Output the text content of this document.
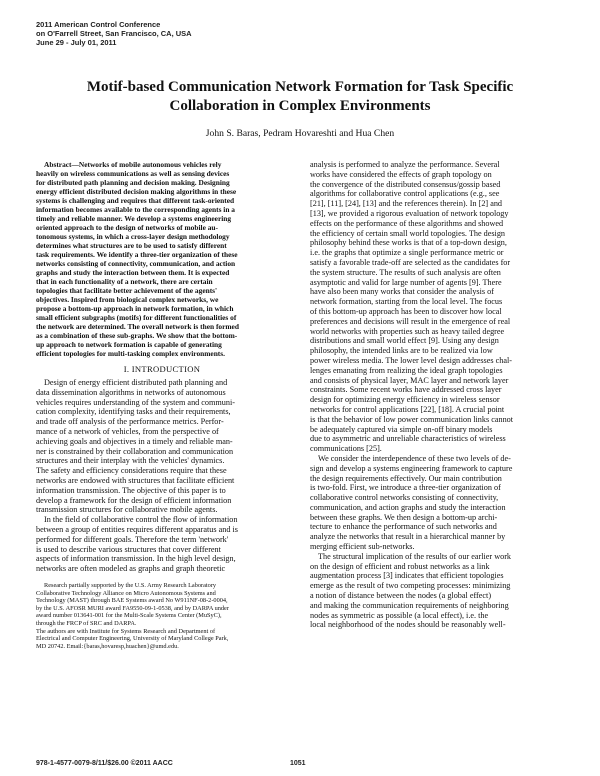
2011 American Control Conference
on O'Farrell Street, San Francisco, CA, USA
June 29 - July 01, 2011
Motif-based Communication Network Formation for Task Specific
Collaboration in Complex Environments
John S. Baras, Pedram Hovareshti and Hua Chen
Abstract—Networks of mobile autonomous vehicles rely
heavily on wireless communications as well as sensing devices
for distributed path planning and decision making. Designing
energy efficient distributed decision making algorithms in these
systems is challenging and requires that different task-oriented
information becomes available to the corresponding agents in a
timely and reliable manner. We develop a systems engineering
oriented approach to the design of networks of mobile au-
tonomous systems, in which a cross-layer design methodology
determines what structures are to be used to satisfy different
task requirements. We identify a three-tier organization of these
networks consisting of connectivity, communication, and action
graphs and study the interaction between them. It is expected
that in each functionality of a network, there are certain
topologies that facilitate better achievement of the agents'
objectives. Inspired from biological complex networks, we
propose a bottom-up approach in network formation, in which
small efficient subgraphs (motifs) for different functionalities of
the network are determined. The overall network is then formed
as a combination of these sub-graphs. We show that the bottom-
up approach to network formation is capable of generating
efficient topologies for multi-tasking complex environments.
I. INTRODUCTION
Design of energy efficient distributed path planning and
data dissemination algorithms in networks of autonomous
vehicles requires understanding of the system and communi-
cation complexity, identifying tasks and their requirements,
and trade off analysis of the performance metrics. Perfor-
mance of a network of vehicles, from the perspective of
achieving goals and objectives in a timely and reliable man-
ner is constrained by their collaboration and communication
structures and their interplay with the vehicles' dynamics.
The safety and efficiency considerations require that these
networks are endowed with structures that facilitate efficient
information transmission. The objective of this paper is to
develop a framework for the design of efficient information
transmission structures for collaborative mobile agents.
In the field of collaborative control the flow of information
between a group of entities requires different apparatus and is
performed for different goals. Therefore the term 'network'
is used to describe various structures that cover different
aspects of information transmission. In the high level design,
networks are often modeled as graphs and graph theoretic
Research partially supported by the U.S. Army Research Laboratory
Collaborative Technology Alliance on Micro Autonomous Systems and
Technology (MAST) through BAE Systems award No W911NF-08-2-0004,
by the U.S. AFOSR MURI award FA9550-09-1-0538, and by DARPA under
award number 013641-001 for the Multi-Scale Systems Center (MuSyC),
through the FRCP of SRC and DARPA.
The authors are with Institute for Systems Research and Department of
Electrical and Computer Engineering, University of Maryland College Park,
MD 20742. Email:{baras,hovaresp,huachen}@umd.edu.
analysis is performed to analyze the performance. Several
works have considered the effects of graph topology on
the convergence of the distributed consensus/gossip based
algorithms for collaborative control applications (e.g., see
[21], [11], [24], [13] and the references therein). In [2] and
[13], we provided a rigorous evaluation of network topology
effects on the performance of these algorithms and showed
the efficiency of certain small world topologies. The design
philosophy behind these works is that of a top-down design,
i.e. the graphs that optimize a single performance metric or
satisfy a favorable trade-off are selected as the candidates for
the system structure. The results of such analysis are often
asymptotic and valid for large number of agents [9]. There
have also been many works that consider the analysis of
network formation, starting from the local level. The focus
of this bottom-up approach has been to discover how local
preferences and decisions will result in the emergence of real
world networks with properties such as heavy tailed degree
distributions and small world effect [9]. Using any design
philosophy, the intended links are to be realized via low
power wireless media. The lower level design addresses chal-
lenges emanating from realizing the ideal graph topologies
and consists of physical layer, MAC layer and network layer
constraints. Some recent works have addressed cross layer
design for optimizing energy efficiency in wireless sensor
networks for control applications [22], [18]. A crucial point
is that the behavior of low power communication links cannot
be adequately captured via simple on-off binary models
due to asymmetric and unreliable characteristics of wireless
communications [25].
We consider the interdependence of these two levels of de-
sign and develop a systems engineering framework to capture
the design requirements effectively. Our main contribution
is two-fold. First, we introduce a three-tier organization of
collaborative control networks consisting of connectivity,
communication, and action graphs and study the interaction
between these graphs. We then design a bottom-up archi-
tecture to enhance the performance of such networks and
analyze the networks that result in a hierarchical manner by
merging efficient sub-networks.
The structural implication of the results of our earlier work
on the design of efficient and robust networks as a link
augmentation process [3] indicates that efficient topologies
emerge as the result of two competing processes: minimizing
a notion of distance between the nodes (a global effect)
and making the communication requirements of neighboring
nodes as symmetric as possible (a local effect), i.e. the
local neighborhood of the nodes should be reasonably well-
978-1-4577-0079-8/11/$26.00 ©2011 AACC	1051
